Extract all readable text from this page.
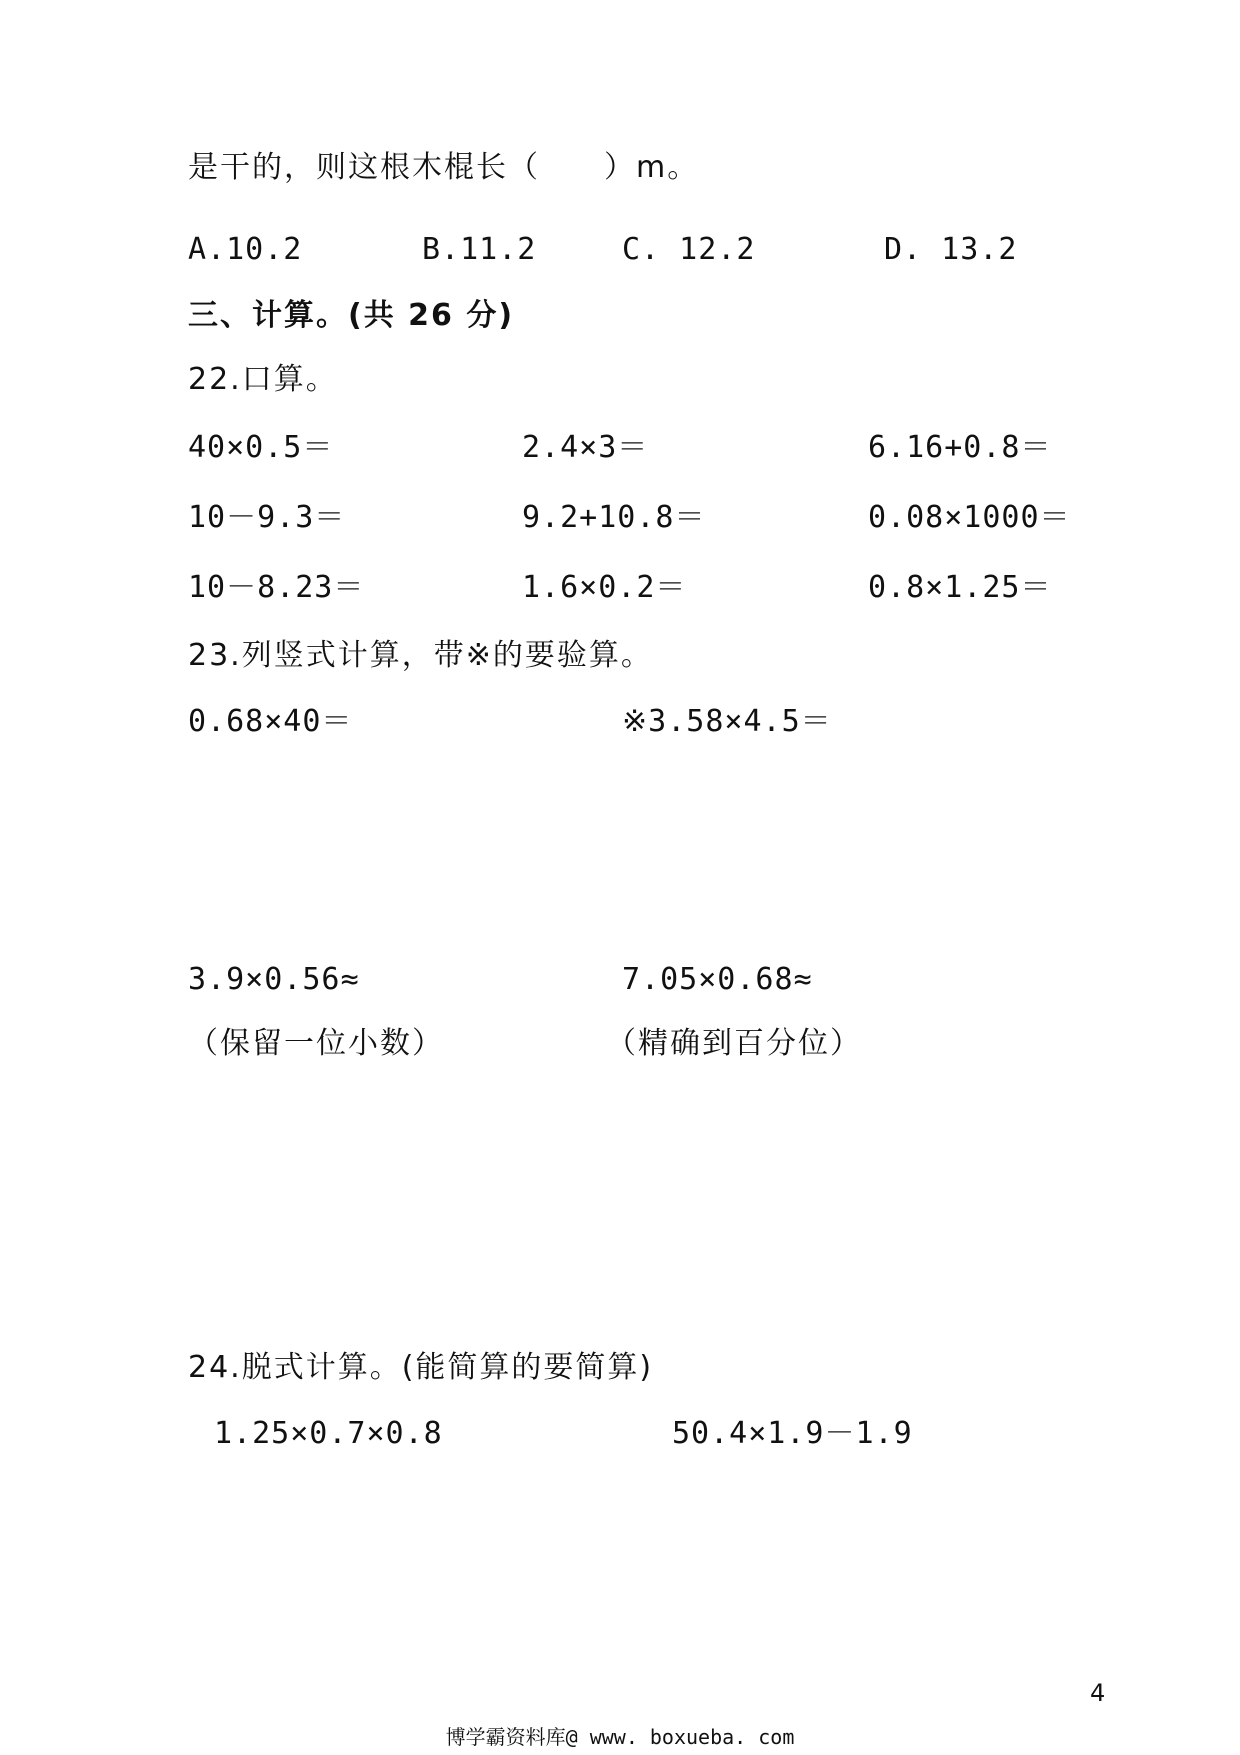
是干的，则这根木棍长（　　）m。
A.10.2	B.11.2	C. 12.2	D. 13.2
三、计算。(共 26 分)
22.口算。
40×0.5＝	2.4×3＝	6.16+0.8＝
10－9.3＝	9.2+10.8＝	0.08×1000＝
10－8.23＝	1.6×0.2＝	0.8×1.25＝
23.列竖式计算，带※的要验算。
0.68×40＝	※3.58×4.5＝
3.9×0.56≈	7.05×0.68≈
（保留一位小数）	（精确到百分位）
24.脱式计算。(能简算的要简算)
1.25×0.7×0.8	50.4×1.9－1.9
4
博学霸资料库@ www. boxueba. com
